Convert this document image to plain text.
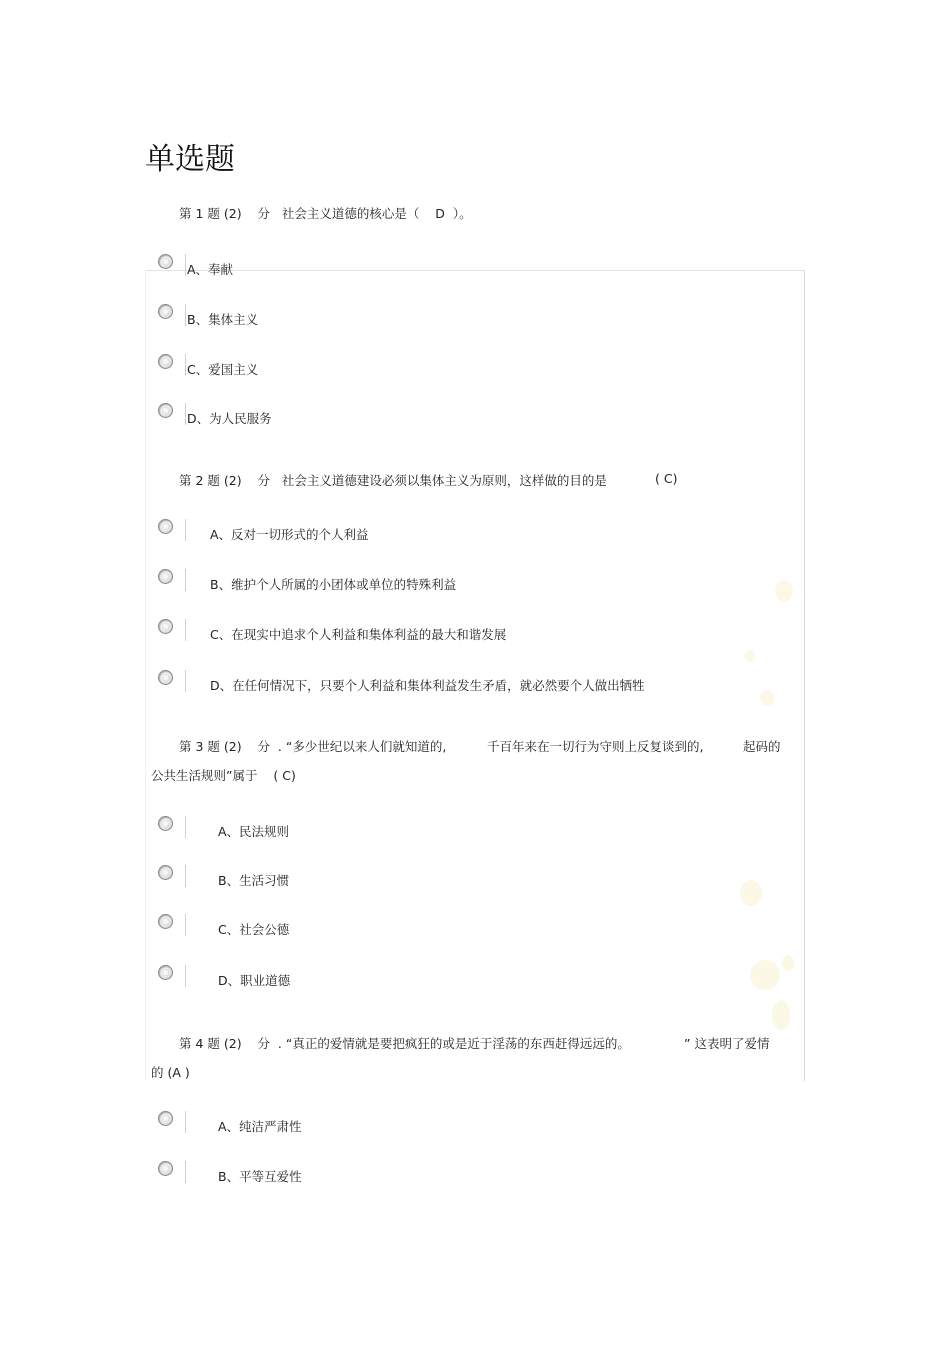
单选题
第 1 题 (2)    分   社会主义道德的核心是（    D  ）。
A、奉献
B、集体主义
C、爱国主义
D、为人民服务
第 2 题 (2)    分   社会主义道德建设必须以集体主义为原则，这样做的目的是	( C)
A、反对一切形式的个人利益
B、维护个人所属的小团体或单位的特殊利益
C、在现实中追求个人利益和集体利益的最大和谐发展
D、在任何情况下，只要个人利益和集体利益发生矛盾，就必然要个人做出牺牲
第 3 题 (2)    分  . “多少世纪以来人们就知道的,	千百年来在一切行为守则上反复谈到的,	起码的
公共生活规则”属于    ( C)
A、民法规则
B、生活习惯
C、社会公德
D、职业道德
第 4 题 (2)    分  . “真正的爱情就是要把疯狂的或是近于淫荡的东西赶得远远的。	” 这表明了爱情
的 (A )
A、纯洁严肃性
B、平等互爱性
